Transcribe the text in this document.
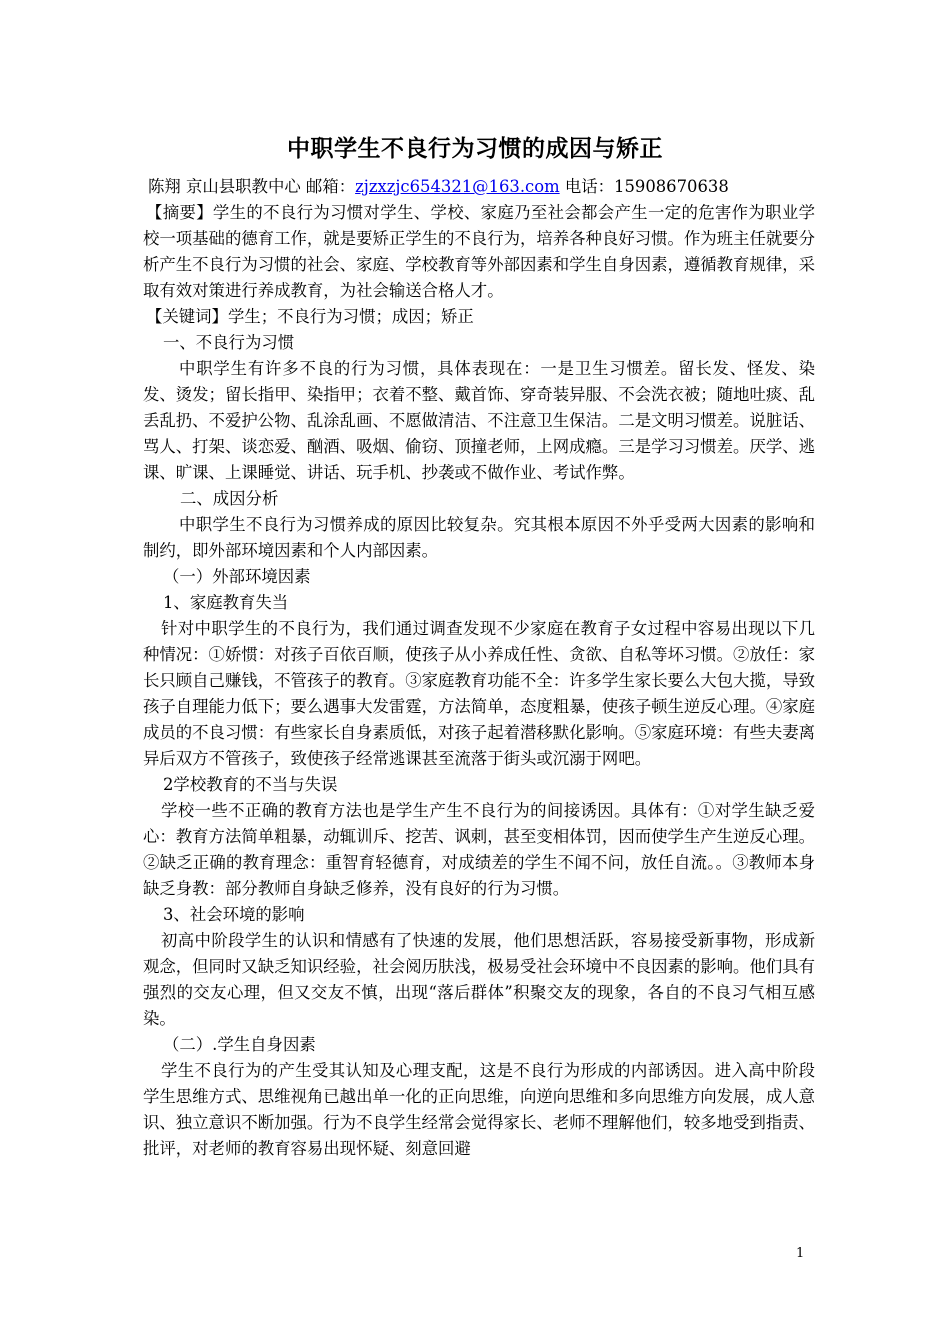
中职学生不良行为习惯的成因与矫正

陈翔 京山县职教中心 邮箱：zjzxzjc654321@163.com 电话：15908670638

【摘要】学生的不良行为习惯对学生、学校、家庭乃至社会都会产生一定的危害作为职业学校一项基础的德育工作，就是要矫正学生的不良行为，培养各种良好习惯。作为班主任就要分析产生不良行为习惯的社会、家庭、学校教育等外部因素和学生自身因素，遵循教育规律，采取有效对策进行养成教育，为社会输送合格人才。

【关键词】学生；不良行为习惯；成因；矫正

一、不良行为习惯

中职学生有许多不良的行为习惯，具体表现在：一是卫生习惯差。留长发、怪发、染发、烫发；留长指甲、染指甲；衣着不整、戴首饰、穿奇装异服、不会洗衣被；随地吐痰、乱丢乱扔、不爱护公物、乱涂乱画、不愿做清洁、不注意卫生保洁。二是文明习惯差。说脏话、骂人、打架、谈恋爱、酗酒、吸烟、偷窃、顶撞老师，上网成瘾。三是学习习惯差。厌学、逃课、旷课、上课睡觉、讲话、玩手机、抄袭或不做作业、考试作弊。

二、成因分析

中职学生不良行为习惯养成的原因比较复杂。究其根本原因不外乎受两大因素的影响和制约，即外部环境因素和个人内部因素。

（一）外部环境因素

1、家庭教育失当

针对中职学生的不良行为，我们通过调查发现不少家庭在教育子女过程中容易出现以下几种情况：①娇惯：对孩子百依百顺，使孩子从小养成任性、贪欲、自私等坏习惯。②放任：家长只顾自己赚钱，不管孩子的教育。③家庭教育功能不全：许多学生家长要么大包大揽，导致孩子自理能力低下；要么遇事大发雷霆，方法简单，态度粗暴，使孩子顿生逆反心理。④家庭成员的不良习惯：有些家长自身素质低，对孩子起着潜移默化影响。⑤家庭环境：有些夫妻离异后双方不管孩子，致使孩子经常逃课甚至流落于街头或沉溺于网吧。

2学校教育的不当与失误

学校一些不正确的教育方法也是学生产生不良行为的间接诱因。具体有：①对学生缺乏爱心：教育方法简单粗暴，动辄训斥、挖苦、讽刺，甚至变相体罚，因而使学生产生逆反心理。②缺乏正确的教育理念：重智育轻德育，对成绩差的学生不闻不问，放任自流。。③教师本身缺乏身教：部分教师自身缺乏修养，没有良好的行为习惯。

3、社会环境的影响

初高中阶段学生的认识和情感有了快速的发展，他们思想活跃，容易接受新事物，形成新观念，但同时又缺乏知识经验，社会阅历肤浅，极易受社会环境中不良因素的影响。他们具有强烈的交友心理，但又交友不慎，出现“落后群体”积聚交友的现象，各自的不良习气相互感染。

（二）.学生自身因素

学生不良行为的产生受其认知及心理支配，这是不良行为形成的内部诱因。进入高中阶段学生思维方式、思维视角已越出单一化的正向思维，向逆向思维和多向思维方向发展，成人意识、独立意识不断加强。行为不良学生经常会觉得家长、老师不理解他们，较多地受到指责、批评，对老师的教育容易出现怀疑、刻意回避

1
